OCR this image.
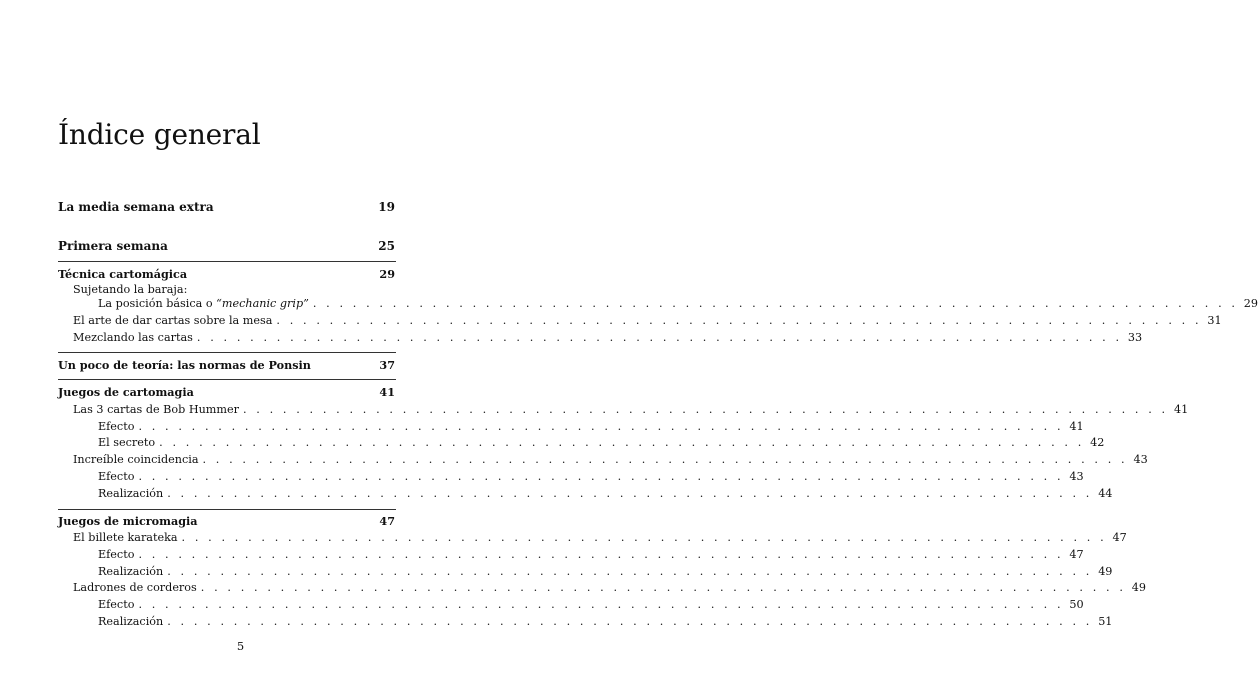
Índice general
La media semana extra	19
Primera semana	25
Técnica cartomágica	29
Sujetando la baraja:
La posición básica o “mechanic grip” . . . . . . . . . . . . . . . . . . . . . . . . . . . . . . . . . . . . . . . . . . . . . . . . . . . . . . . . . . . . . . . . . . . . . . 29
El arte de dar cartas sobre la mesa . . . . . . . . . . . . . . . . . . . . . . . . . . . . . . . . . . . . . . . . . . . . . . . . . . . . . . . . . . . . . . . . . . . . . . 31
Mezclando las cartas . . . . . . . . . . . . . . . . . . . . . . . . . . . . . . . . . . . . . . . . . . . . . . . . . . . . . . . . . . . . . . . . . . . . . . 33
Un poco de teoría: las normas de Ponsin	37
Juegos de cartomagia	41
Las 3 cartas de Bob Hummer . . . . . . . . . . . . . . . . . . . . . . . . . . . . . . . . . . . . . . . . . . . . . . . . . . . . . . . . . . . . . . . . . . . . . . 41
Efecto . . . . . . . . . . . . . . . . . . . . . . . . . . . . . . . . . . . . . . . . . . . . . . . . . . . . . . . . . . . . . . . . . . . . . . 41
El secreto . . . . . . . . . . . . . . . . . . . . . . . . . . . . . . . . . . . . . . . . . . . . . . . . . . . . . . . . . . . . . . . . . . . . . . 42
Increíble coincidencia . . . . . . . . . . . . . . . . . . . . . . . . . . . . . . . . . . . . . . . . . . . . . . . . . . . . . . . . . . . . . . . . . . . . . . 43
Efecto . . . . . . . . . . . . . . . . . . . . . . . . . . . . . . . . . . . . . . . . . . . . . . . . . . . . . . . . . . . . . . . . . . . . . . 43
Realización . . . . . . . . . . . . . . . . . . . . . . . . . . . . . . . . . . . . . . . . . . . . . . . . . . . . . . . . . . . . . . . . . . . . . . 44
Juegos de micromagia	47
El billete karateka . . . . . . . . . . . . . . . . . . . . . . . . . . . . . . . . . . . . . . . . . . . . . . . . . . . . . . . . . . . . . . . . . . . . . . 47
Efecto . . . . . . . . . . . . . . . . . . . . . . . . . . . . . . . . . . . . . . . . . . . . . . . . . . . . . . . . . . . . . . . . . . . . . . 47
Realización . . . . . . . . . . . . . . . . . . . . . . . . . . . . . . . . . . . . . . . . . . . . . . . . . . . . . . . . . . . . . . . . . . . . . . 49
Ladrones de corderos . . . . . . . . . . . . . . . . . . . . . . . . . . . . . . . . . . . . . . . . . . . . . . . . . . . . . . . . . . . . . . . . . . . . . . 49
Efecto . . . . . . . . . . . . . . . . . . . . . . . . . . . . . . . . . . . . . . . . . . . . . . . . . . . . . . . . . . . . . . . . . . . . . . 50
Realización . . . . . . . . . . . . . . . . . . . . . . . . . . . . . . . . . . . . . . . . . . . . . . . . . . . . . . . . . . . . . . . . . . . . . . 51
5
